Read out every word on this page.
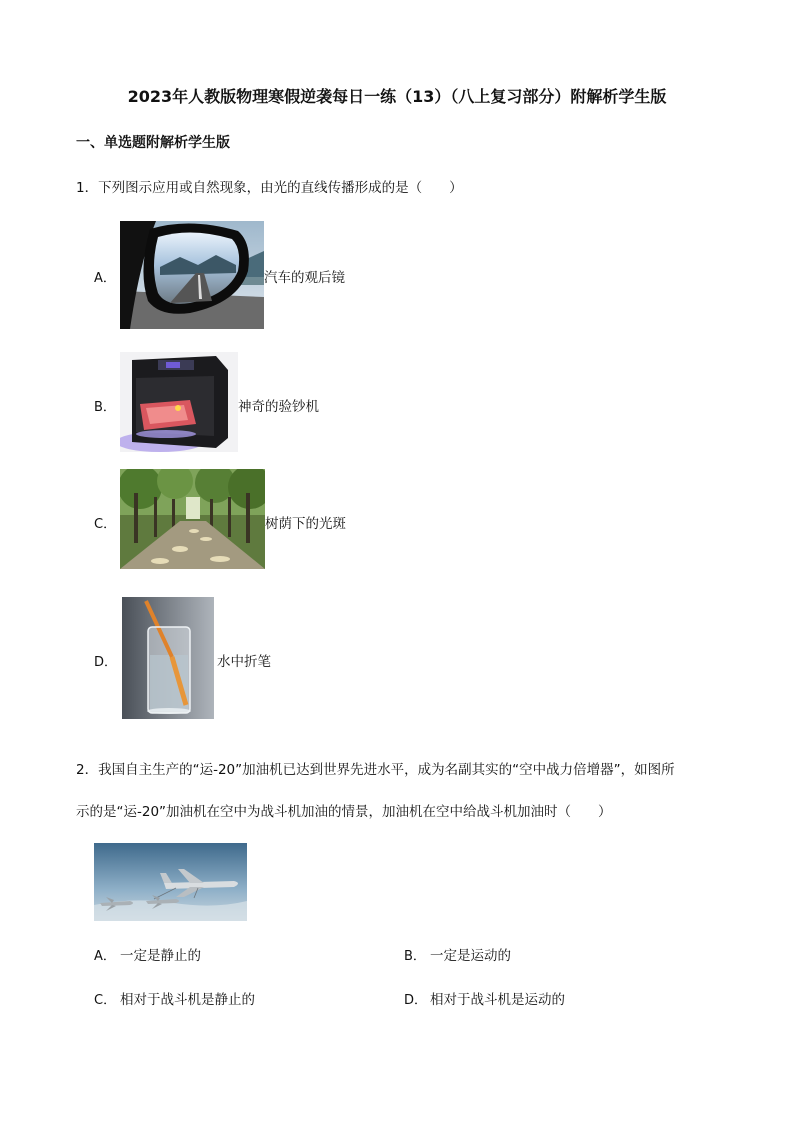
2023年人教版物理寒假逆袭每日一练（13）（八上复习部分）附解析学生版
一、单选题附解析学生版
1．下列图示应用或自然现象，由光的直线传播形成的是（　　）
A．	汽车的观后镜
B．	神奇的验钞机
C．	树荫下的光斑
D．	水中折笔
2．我国自主生产的“运-20”加油机已达到世界先进水平，成为名副其实的“空中战力倍增器”，如图所
示的是“运-20”加油机在空中为战斗机加油的情景，加油机在空中给战斗机加油时（　　）
A． 一定是静止的	B． 一定是运动的
C． 相对于战斗机是静止的	D． 相对于战斗机是运动的
